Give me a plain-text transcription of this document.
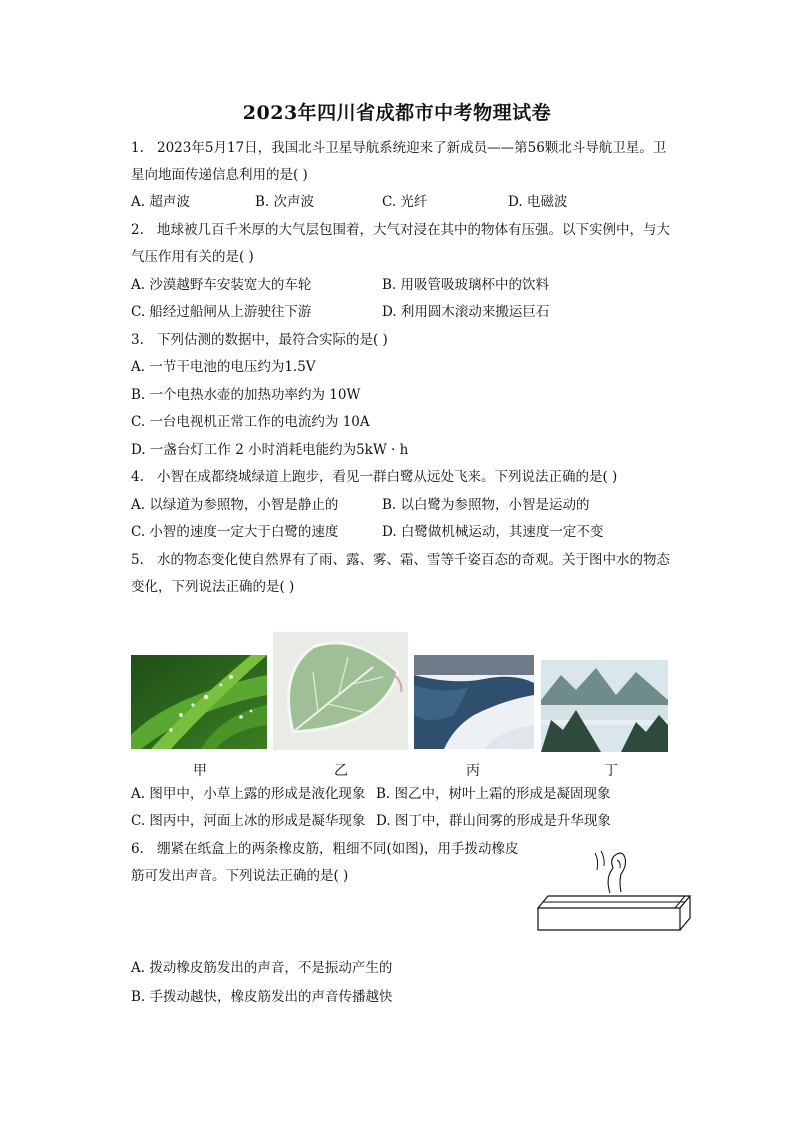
2023年四川省成都市中考物理试卷
1. 2023年5月17日，我国北斗卫星导航系统迎来了新成员——第56颗北斗导航卫星。卫
星向地面传递信息利用的是( )
A. 超声波	B. 次声波	C. 光纤	D. 电磁波
2. 地球被几百千米厚的大气层包围着，大气对浸在其中的物体有压强。以下实例中，与大
气压作用有关的是( )
A. 沙漠越野车安装宽大的车轮	B. 用吸管吸玻璃杯中的饮料
C. 船经过船闸从上游驶往下游	D. 利用圆木滚动来搬运巨石
3. 下列估测的数据中，最符合实际的是( )
A. 一节干电池的电压约为1.5V
B. 一个电热水壶的加热功率约为 10W
C. 一台电视机正常工作的电流约为 10A
D. 一盏台灯工作 2 小时消耗电能约为5kW · h
4. 小智在成都绕城绿道上跑步，看见一群白鹭从远处飞来。下列说法正确的是( )
A. 以绿道为参照物，小智是静止的	B. 以白鹭为参照物，小智是运动的
C. 小智的速度一定大于白鹭的速度	D. 白鹭做机械运动，其速度一定不变
5. 水的物态变化使自然界有了雨、露、雾、霜、雪等千姿百态的奇观。关于图中水的物态
变化，下列说法正确的是( )
甲	乙	丙	丁
A. 图甲中，小草上露的形成是液化现象 B. 图乙中，树叶上霜的形成是凝固现象
C. 图丙中，河面上冰的形成是凝华现象 D. 图丁中，群山间雾的形成是升华现象
6. 绷紧在纸盒上的两条橡皮筋，粗细不同(如图)，用手拨动橡皮
筋可发出声音。下列说法正确的是( )
A. 拨动橡皮筋发出的声音，不是振动产生的
B. 手拨动越快，橡皮筋发出的声音传播越快
